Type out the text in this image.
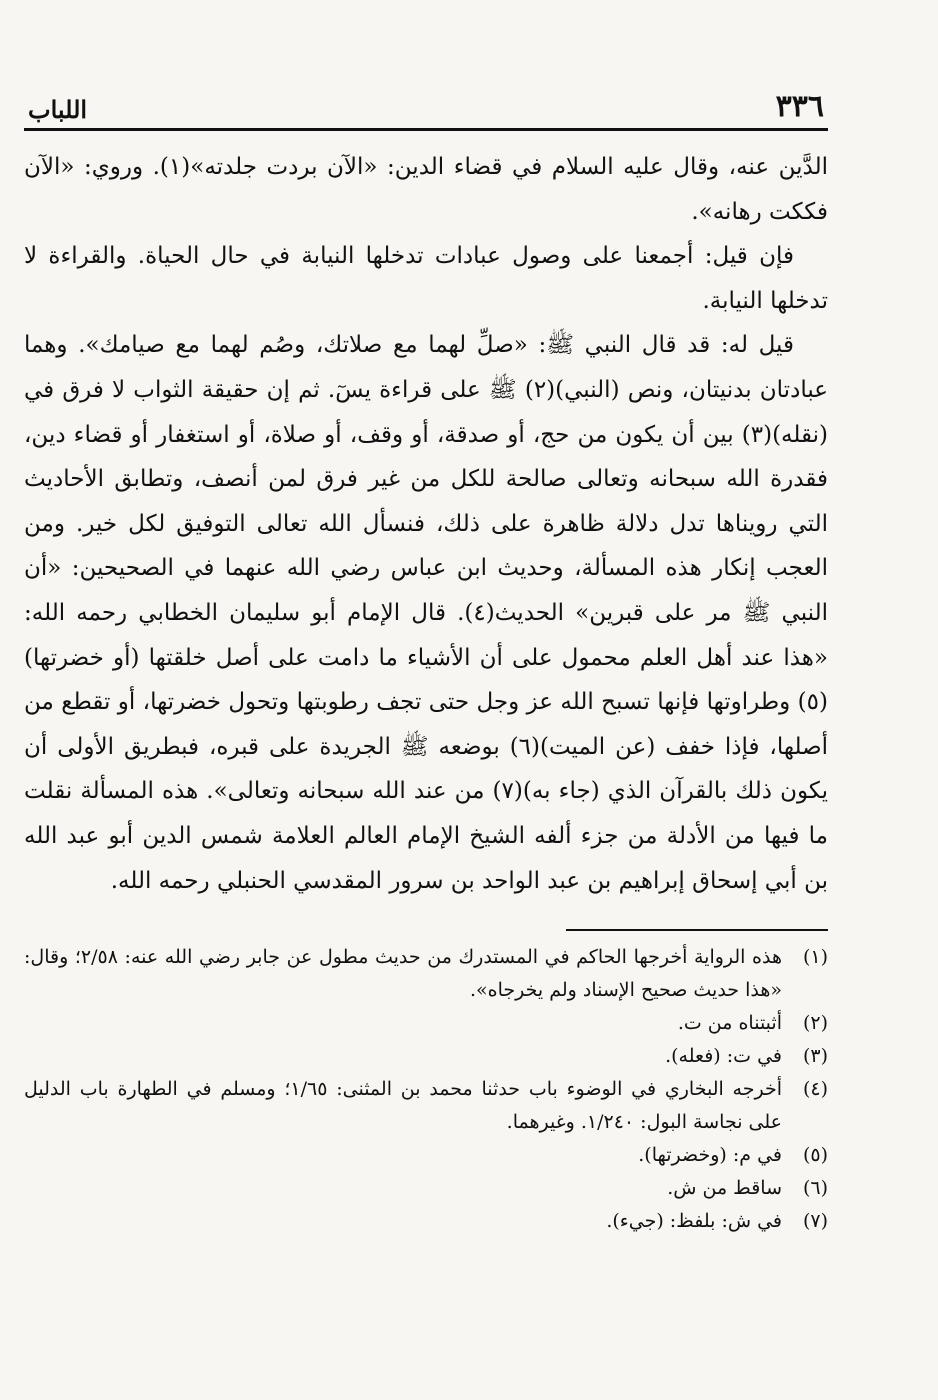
٣٣٦
اللباب

الدَّين عنه، وقال عليه السلام في قضاء الدين: «الآن بردت جلدته»(١). وروي: «الآن فككت رهانه».

فإن قيل: أجمعنا على وصول عبادات تدخلها النيابة في حال الحياة. والقراءة لا تدخلها النيابة.

قيل له: قد قال النبي ﷺ: «صلِّ لهما مع صلاتك، وصُم لهما مع صيامك». وهما عبادتان بدنيتان، ونص (النبي)(٢) ﷺ على قراءة يسٓ. ثم إن حقيقة الثواب لا فرق في (نقله)(٣) بين أن يكون من حج، أو صدقة، أو وقف، أو صلاة، أو استغفار أو قضاء دين، فقدرة الله سبحانه وتعالى صالحة للكل من غير فرق لمن أنصف، وتطابق الأحاديث التي رويناها تدل دلالة ظاهرة على ذلك، فنسأل الله تعالى التوفيق لكل خير. ومن العجب إنكار هذه المسألة، وحديث ابن عباس رضي الله عنهما في الصحيحين: «أن النبي ﷺ مر على قبرين» الحديث(٤). قال الإمام أبو سليمان الخطابي رحمه الله: «هذا عند أهل العلم محمول على أن الأشياء ما دامت على أصل خلقتها (أو خضرتها)(٥) وطراوتها فإنها تسبح الله عز وجل حتى تجف رطوبتها وتحول خضرتها، أو تقطع من أصلها، فإذا خفف (عن الميت)(٦) بوضعه ﷺ الجريدة على قبره، فبطريق الأولى أن يكون ذلك بالقرآن الذي (جاء به)(٧) من عند الله سبحانه وتعالى». هذه المسألة نقلت ما فيها من الأدلة من جزء ألفه الشيخ الإمام العالم العلامة شمس الدين أبو عبد الله بن أبي إسحاق إبراهيم بن عبد الواحد بن سرور المقدسي الحنبلي رحمه الله.

(١)
هذه الرواية أخرجها الحاكم في المستدرك من حديث مطول عن جابر رضي الله عنه: ٢/٥٨؛ وقال: «هذا حديث صحيح الإسناد ولم يخرجاه».
(٢)
أثبتناه من ت.
(٣)
في ت: (فعله).
(٤)
أخرجه البخاري في الوضوء باب حدثنا محمد بن المثنى: ١/٦٥؛ ومسلم في الطهارة باب الدليل على نجاسة البول: ١/٢٤٠. وغيرهما.
(٥)
في م: (وخضرتها).
(٦)
ساقط من ش.
(٧)
في ش: بلفظ: (جيء).
